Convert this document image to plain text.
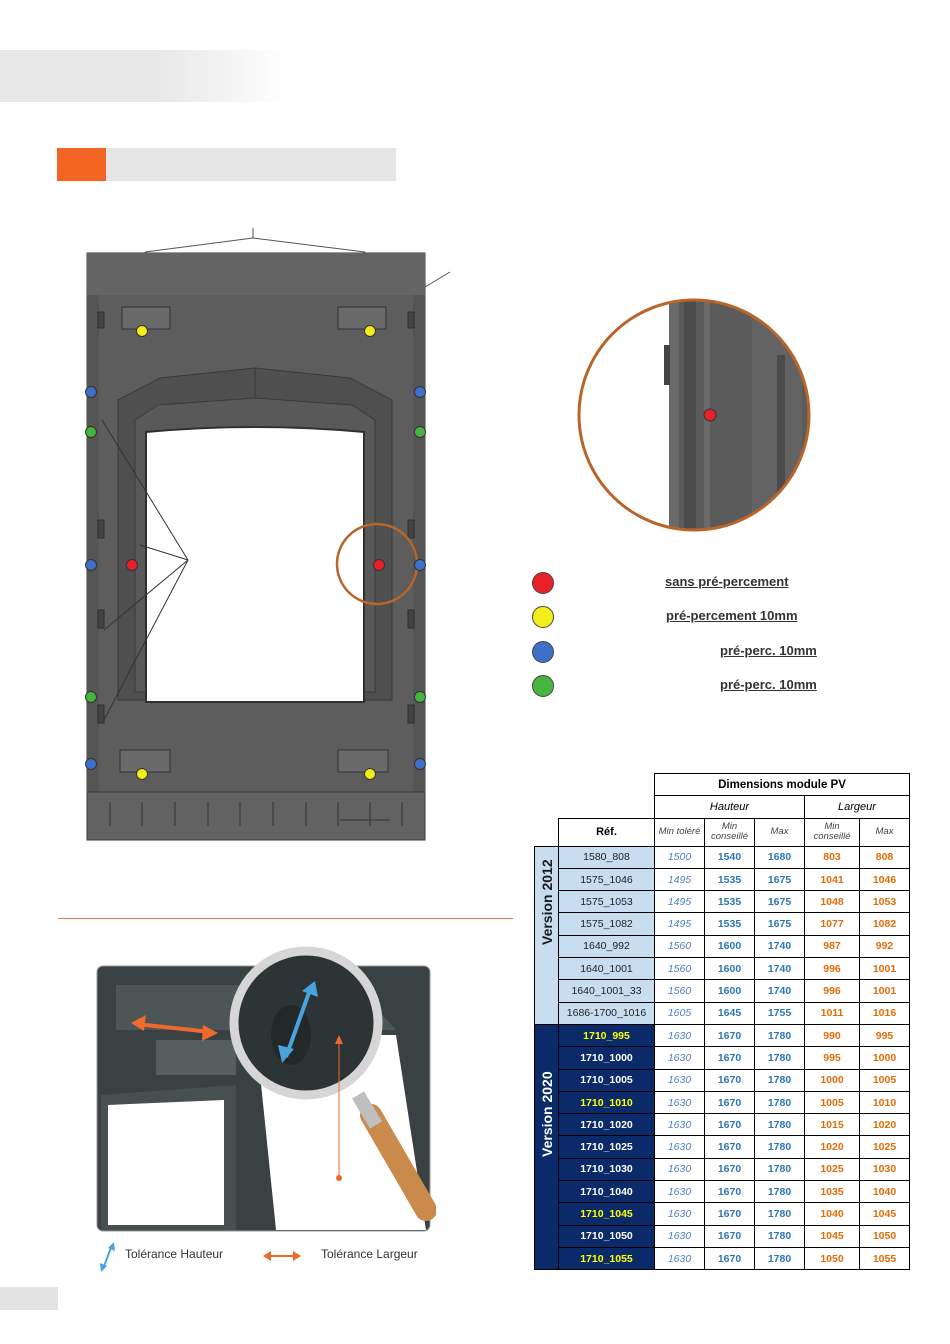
sans pré-percement
pré-percement 10mm
pré-perc. 10mm
pré-perc. 10mm
		Dimensions module PV				
		Hauteur			Largeur	
	Réf.	Min toléré	Min conseillé	Max	Min conseillé	Max

Version 2012	1580_808	1500	1540	1680	803	808
	1575_1046	1495	1535	1675	1041	1046
	1575_1053	1495	1535	1675	1048	1053
	1575_1082	1495	1535	1675	1077	1082
	1640_992	1560	1600	1740	987	992
	1640_1001	1560	1600	1740	996	1001
	1640_1001_33	1560	1600	1740	996	1001
	1686-1700_1016	1605	1645	1755	1011	1016

Version 2020	1710_995	1630	1670	1780	990	995
	1710_1000	1630	1670	1780	995	1000
	1710_1005	1630	1670	1780	1000	1005
	1710_1010	1630	1670	1780	1005	1010
	1710_1020	1630	1670	1780	1015	1020
	1710_1025	1630	1670	1780	1020	1025
	1710_1030	1630	1670	1780	1025	1030
	1710_1040	1630	1670	1780	1035	1040
	1710_1045	1630	1670	1780	1040	1045
	1710_1050	1630	1670	1780	1045	1050
	1710_1055	1630	1670	1780	1050	1055
Tolérance Hauteur	Tolérance Largeur
